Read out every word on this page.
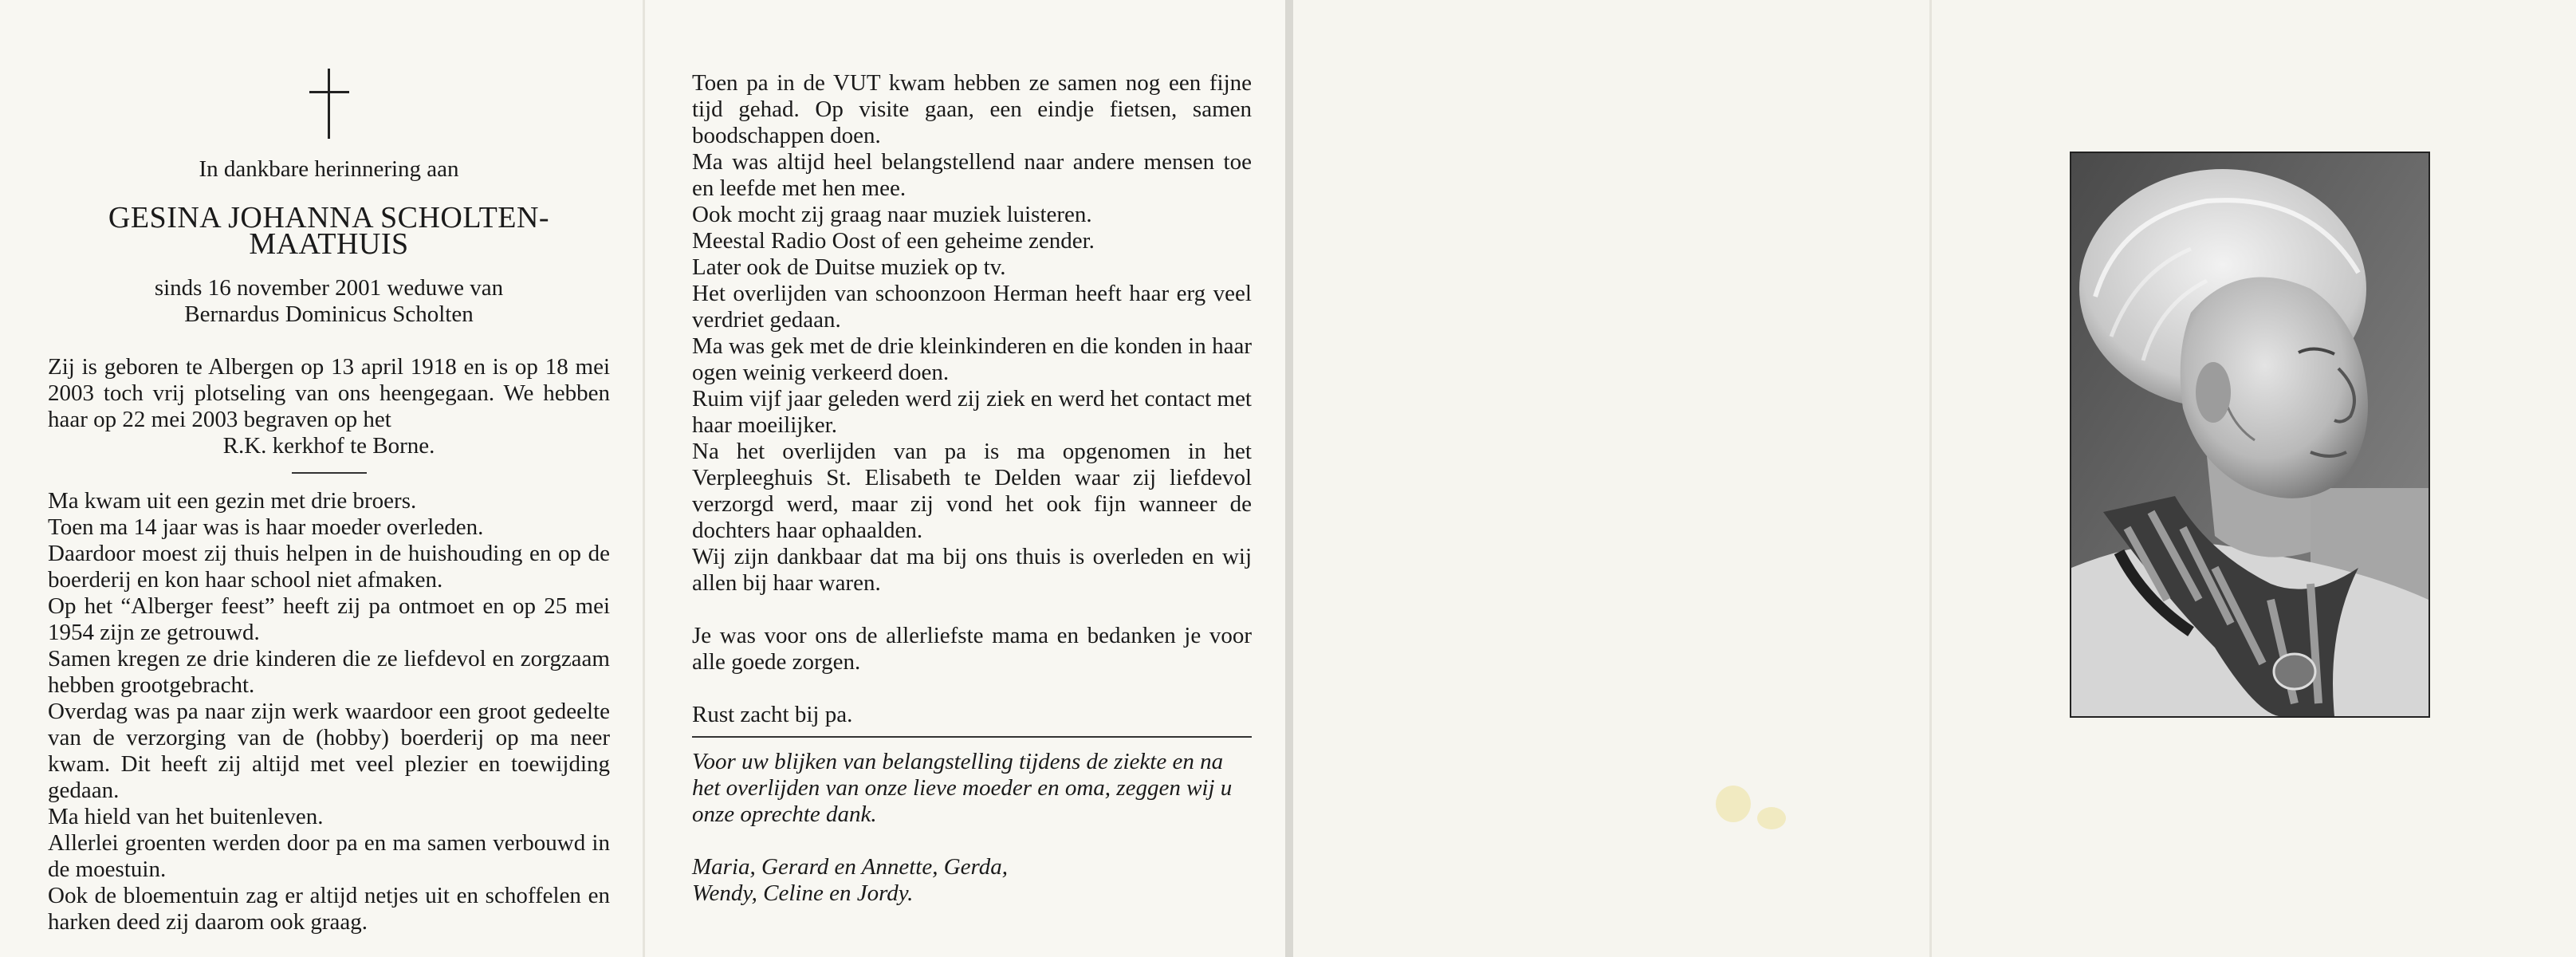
In dankbare herinnering aan

GESINA JOHANNA SCHOLTEN-MAATHUIS

sinds 16 november 2001 weduwe van

Bernardus Dominicus Scholten

Zij is geboren te Albergen op 13 april 1918 en is op 18 mei 2003 toch vrij plotseling van ons heengegaan. We hebben haar op 22 mei 2003 begraven op het

R.K. kerkhof te Borne.

Ma kwam uit een gezin met drie broers.

Toen ma 14 jaar was is haar moeder overleden.

Daardoor moest zij thuis helpen in de huishouding en op de boerderij en kon haar school niet afmaken.

Op het “Alberger feest” heeft zij pa ontmoet en op 25 mei 1954 zijn ze getrouwd.

Samen kregen ze drie kinderen die ze liefdevol en zorgzaam hebben grootgebracht.

Overdag was pa naar zijn werk waardoor een groot gedeelte van de verzorging van de (hobby) boerderij op ma neer kwam. Dit heeft zij altijd met veel plezier en toewijding gedaan.

Ma hield van het buitenleven.

Allerlei groenten werden door pa en ma samen verbouwd in de moestuin.

Ook de bloementuin zag er altijd netjes uit en schoffelen en harken deed zij daarom ook graag.

Toen pa in de VUT kwam hebben ze samen nog een fijne tijd gehad. Op visite gaan, een eindje fietsen, samen boodschappen doen.

Ma was altijd heel belangstellend naar andere mensen toe en leefde met hen mee.

Ook mocht zij graag naar muziek luisteren.

Meestal Radio Oost of een geheime zender.

Later ook de Duitse muziek op tv.

Het overlijden van schoonzoon Herman heeft haar erg veel verdriet gedaan.

Ma was gek met de drie kleinkinderen en die konden in haar ogen weinig verkeerd doen.

Ruim vijf jaar geleden werd zij ziek en werd het contact met haar moeilijker.

Na het overlijden van pa is ma opgenomen in het Verpleeghuis St. Elisabeth te Delden waar zij liefdevol verzorgd werd, maar zij vond het ook fijn wanneer de dochters haar ophaalden.

Wij zijn dankbaar dat ma bij ons thuis is overleden en wij allen bij haar waren.

Je was voor ons de allerliefste mama en bedanken je voor alle goede zorgen.

Rust zacht bij pa.

Voor uw blijken van belangstelling tijdens de ziekte en na het overlijden van onze lieve moeder en oma, zeggen wij u onze oprechte dank.

Maria, Gerard en Annette, Gerda,

Wendy, Celine en Jordy.
